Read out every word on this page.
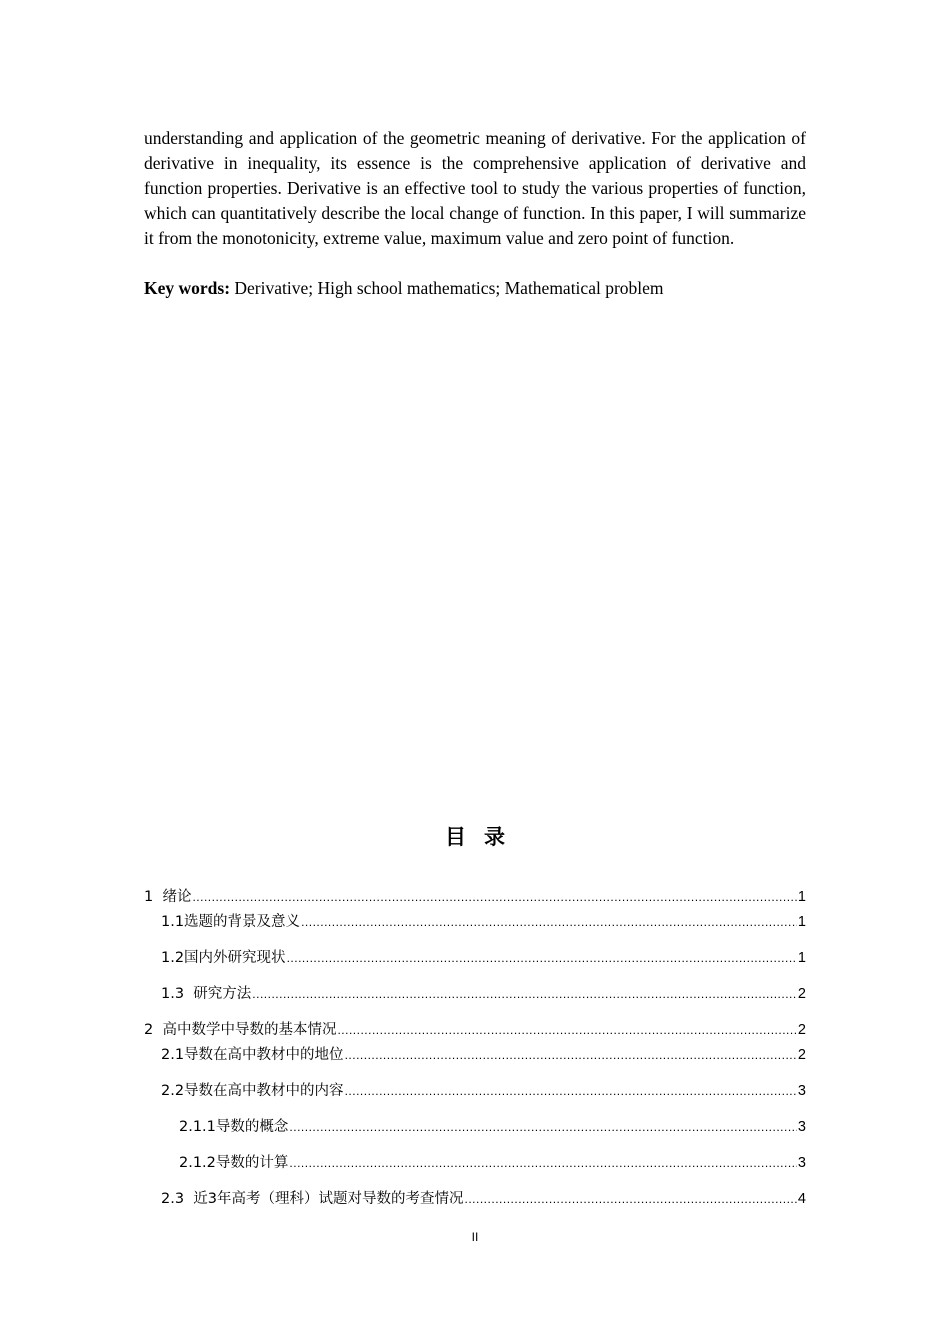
understanding and application of the geometric meaning of derivative. For the application of derivative in inequality, its essence is the comprehensive application of derivative and function properties. Derivative is an effective tool to study the various properties of function, which can quantitatively describe the local change of function. In this paper, I will summarize it from the monotonicity, extreme value, maximum value and zero point of function.

Key words: Derivative; High school mathematics; Mathematical problem

目录
1  绪论 .....	1
1.1选题的背景及意义 .....	1
1.2国内外研究现状 .....	1
1.3  研究方法 .....	2
2  高中数学中导数的基本情况 .....	2
2.1导数在高中教材中的地位 .....	2
2.2导数在高中教材中的内容 .....	3
2.1.1导数的概念 .....	3
2.1.2导数的计算 .....	3
2.3  近3年高考（理科）试题对导数的考查情况 .....	4

II
